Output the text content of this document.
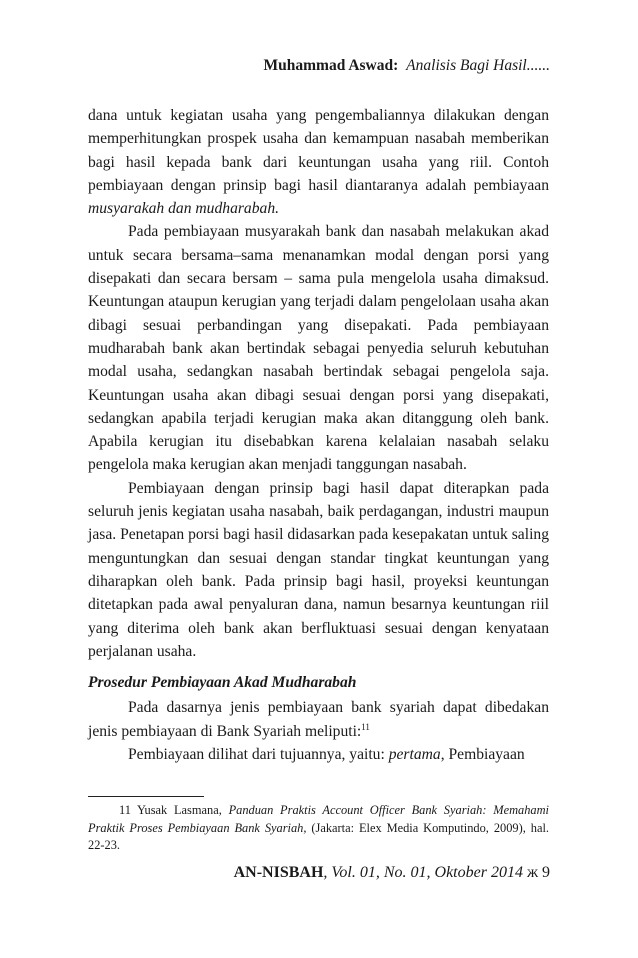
Muhammad Aswad: Analisis Bagi Hasil......

dana untuk kegiatan usaha yang pengembaliannya dilakukan dengan memperhitungkan prospek usaha dan kemampuan nasabah memberikan bagi hasil kepada bank dari keuntungan usaha yang riil. Contoh pembiayaan dengan prinsip bagi hasil diantaranya adalah pembiayaan musyarakah dan mudharabah.

Pada pembiayaan musyarakah bank dan nasabah melakukan akad untuk secara bersama–sama menanamkan modal dengan porsi yang disepakati dan secara bersam – sama pula mengelola usaha dimaksud. Keuntungan ataupun kerugian yang terjadi dalam pengelolaan usaha akan dibagi sesuai perbandingan yang disepakati. Pada pembiayaan mudharabah bank akan bertindak sebagai penyedia seluruh kebutuhan modal usaha, sedangkan nasabah bertindak sebagai pengelola saja. Keuntungan usaha akan dibagi sesuai dengan porsi yang disepakati, sedangkan apabila terjadi kerugian maka akan ditanggung oleh bank. Apabila kerugian itu disebabkan karena kelalaian nasabah selaku pengelola maka kerugian akan menjadi tanggungan nasabah.

Pembiayaan dengan prinsip bagi hasil dapat diterapkan pada seluruh jenis kegiatan usaha nasabah, baik perdagangan, industri maupun jasa. Penetapan porsi bagi hasil didasarkan pada kesepakatan untuk saling menguntungkan dan sesuai dengan standar tingkat keuntungan yang diharapkan oleh bank. Pada prinsip bagi hasil, proyeksi keuntungan ditetapkan pada awal penyaluran dana, namun besarnya keuntungan riil yang diterima oleh bank akan berfluktuasi sesuai dengan kenyataan perjalanan usaha.

Prosedur Pembiayaan Akad Mudharabah

Pada dasarnya jenis pembiayaan bank syariah dapat dibedakan jenis pembiayaan di Bank Syariah meliputi:$^{11}$

Pembiayaan dilihat dari tujuannya, yaitu: pertama, Pembiayaan

11 Yusak Lasmana, Panduan Praktis Account Officer Bank Syariah: Memahami Praktik Proses Pembiayaan Bank Syariah, (Jakarta: Elex Media Komputindo, 2009), hal. 22-23.
AN-NISBAH, Vol. 01, No. 01, Oktober 2014 ж 9
